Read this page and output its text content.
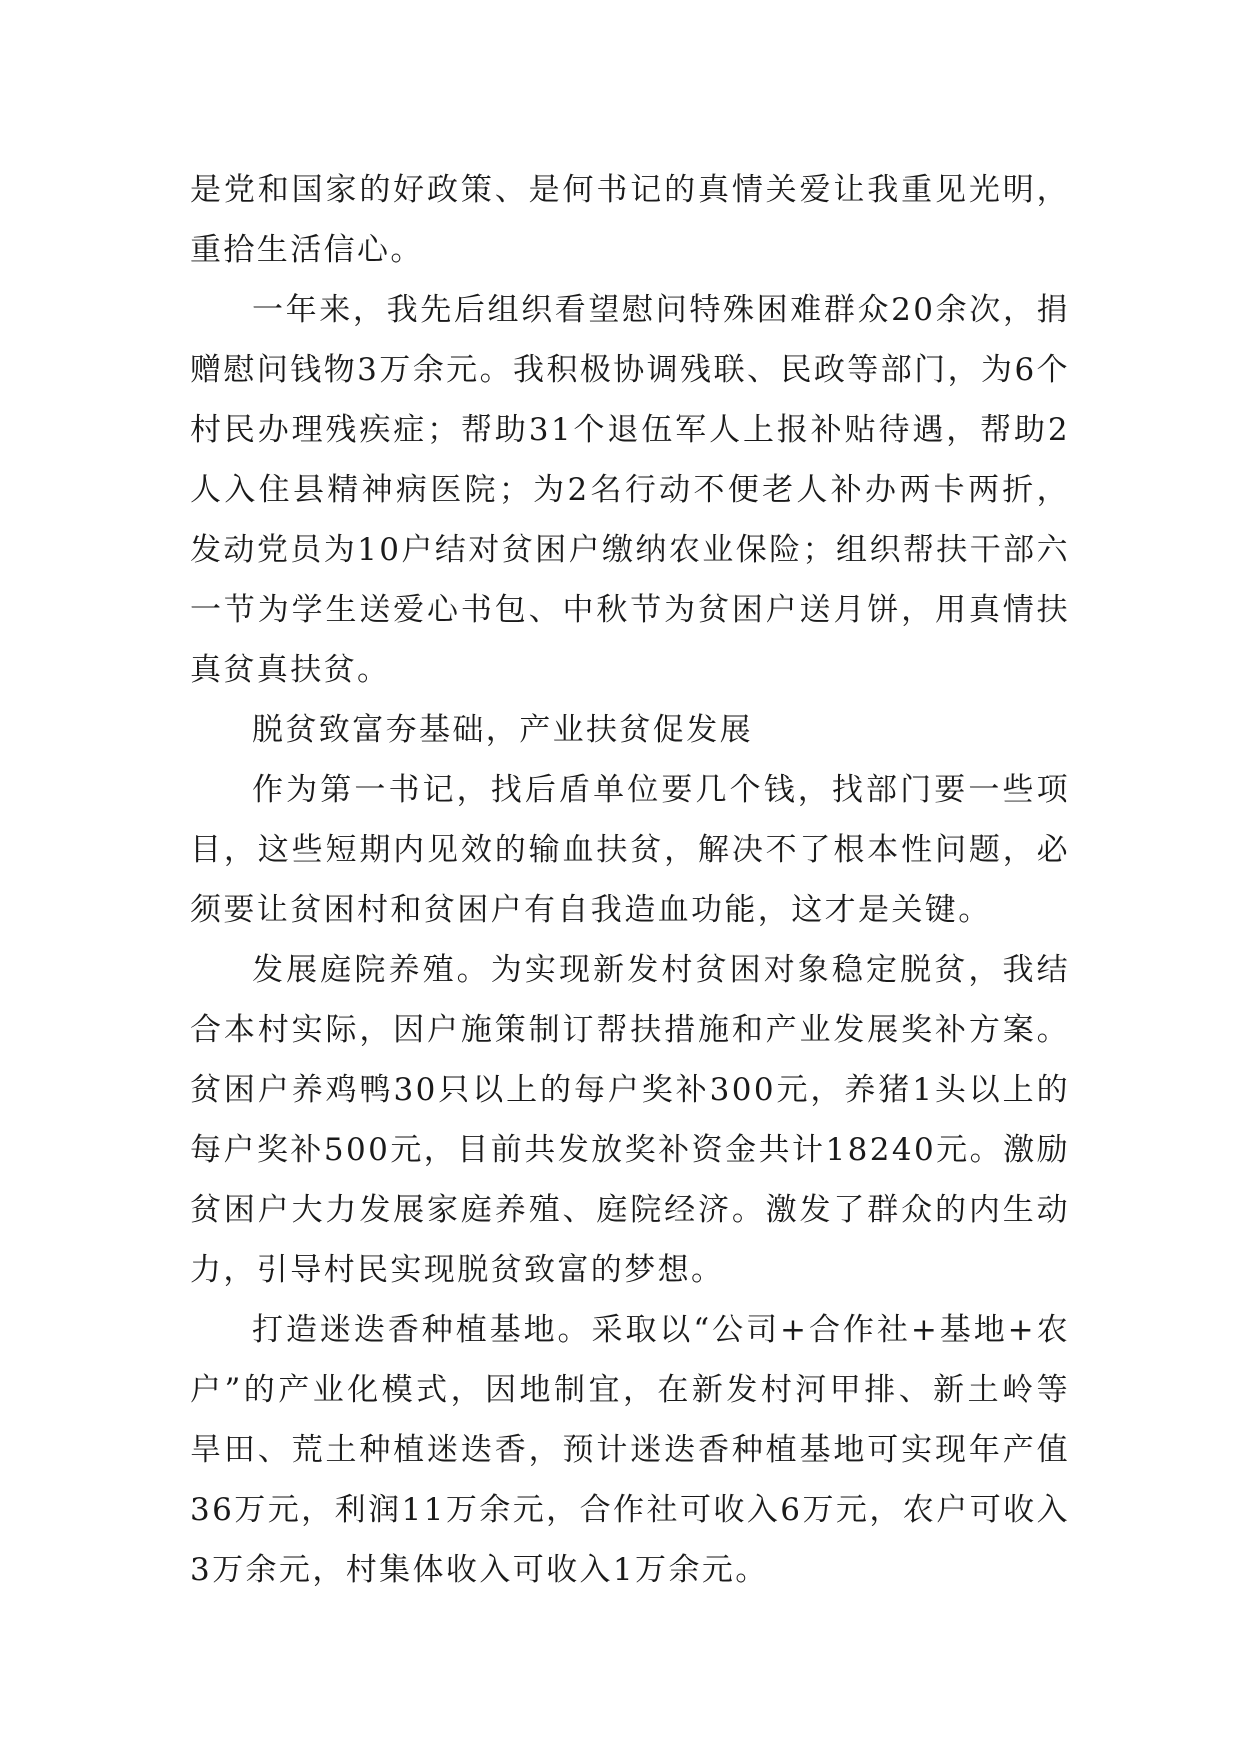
是党和国家的好政策、是何书记的真情关爱让我重见光明，重拾生活信心。

一年来，我先后组织看望慰问特殊困难群众20余次，捐赠慰问钱物3万余元。我积极协调残联、民政等部门，为6个村民办理残疾症；帮助31个退伍军人上报补贴待遇，帮助2人入住县精神病医院；为2名行动不便老人补办两卡两折，发动党员为10户结对贫困户缴纳农业保险；组织帮扶干部六一节为学生送爱心书包、中秋节为贫困户送月饼，用真情扶真贫真扶贫。

脱贫致富夯基础，产业扶贫促发展

作为第一书记，找后盾单位要几个钱，找部门要一些项目，这些短期内见效的输血扶贫，解决不了根本性问题，必须要让贫困村和贫困户有自我造血功能，这才是关键。

发展庭院养殖。为实现新发村贫困对象稳定脱贫，我结合本村实际，因户施策制订帮扶措施和产业发展奖补方案。贫困户养鸡鸭30只以上的每户奖补300元，养猪1头以上的每户奖补500元，目前共发放奖补资金共计18240元。激励贫困户大力发展家庭养殖、庭院经济。激发了群众的内生动力，引导村民实现脱贫致富的梦想。

打造迷迭香种植基地。采取以“公司+合作社+基地+农户”的产业化模式，因地制宜，在新发村河甲排、新土岭等旱田、荒土种植迷迭香，预计迷迭香种植基地可实现年产值36万元，利润11万余元，合作社可收入6万元，农户可收入3万余元，村集体收入可收入1万余元。
